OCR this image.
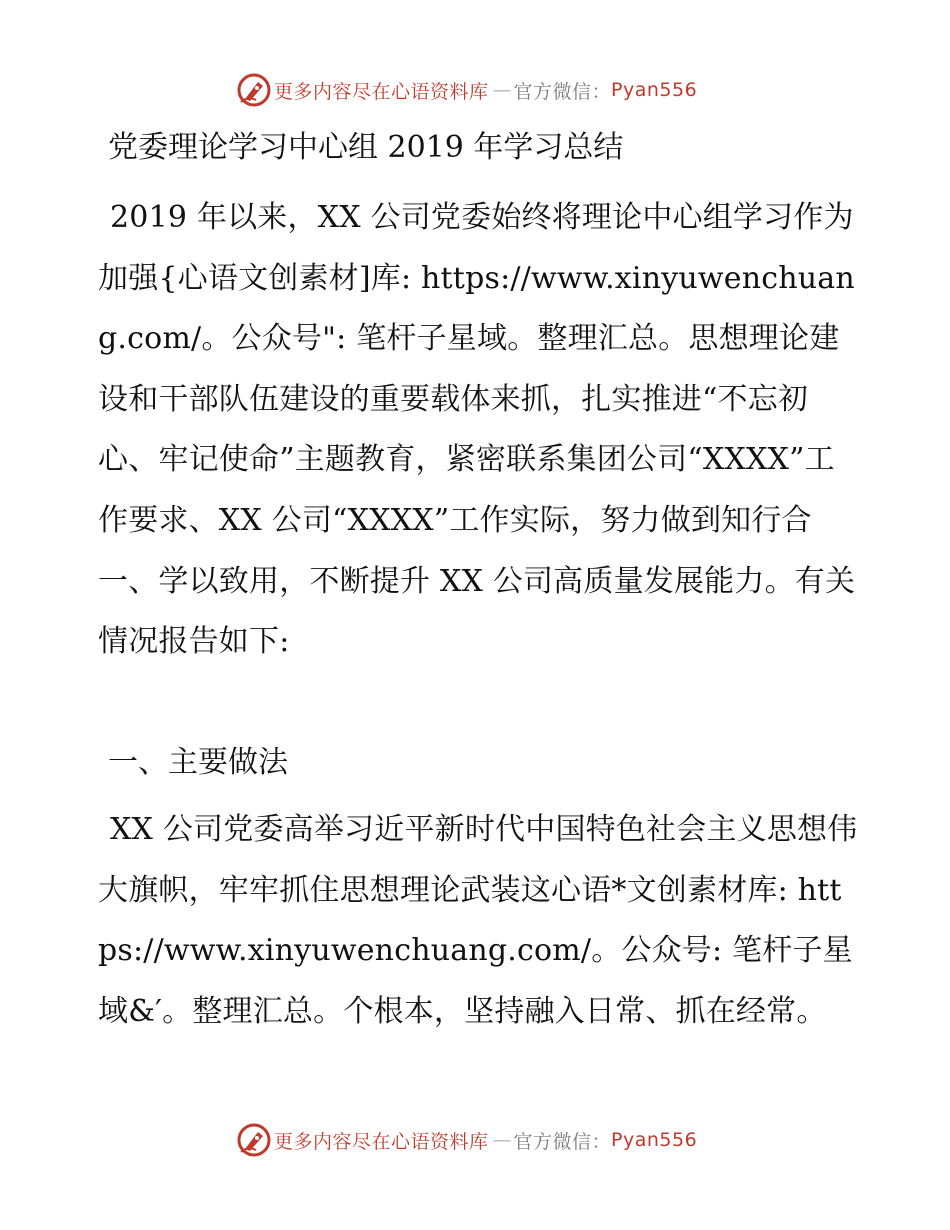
更多内容尽在心语资料库 — 官方微信： Pyan556
党委理论学习中心组 2019 年学习总结

2019 年以来，XX 公司党委始终将理论中心组学习作为加强{心语文创素材]库: https://www.xinyuwenchuang.com/。公众号": 笔杆子星域。整理汇总。思想理论建设和干部队伍建设的重要载体来抓，扎实推进“不忘初心、牢记使命”主题教育，紧密联系集团公司“XXXX”工作要求、XX 公司“XXXX”工作实际，努力做到知行合一、学以致用，不断提升 XX 公司高质量发展能力。有关情况报告如下:

一、主要做法

XX 公司党委高举习近平新时代中国特色社会主义思想伟大旗帜，牢牢抓住思想理论武装这心语*文创素材库: https://www.xinyuwenchuang.com/。公众号: 笔杆子星域&′。整理汇总。个根本，坚持融入日常、抓在经常。

更多内容尽在心语资料库 — 官方微信： Pyan556
